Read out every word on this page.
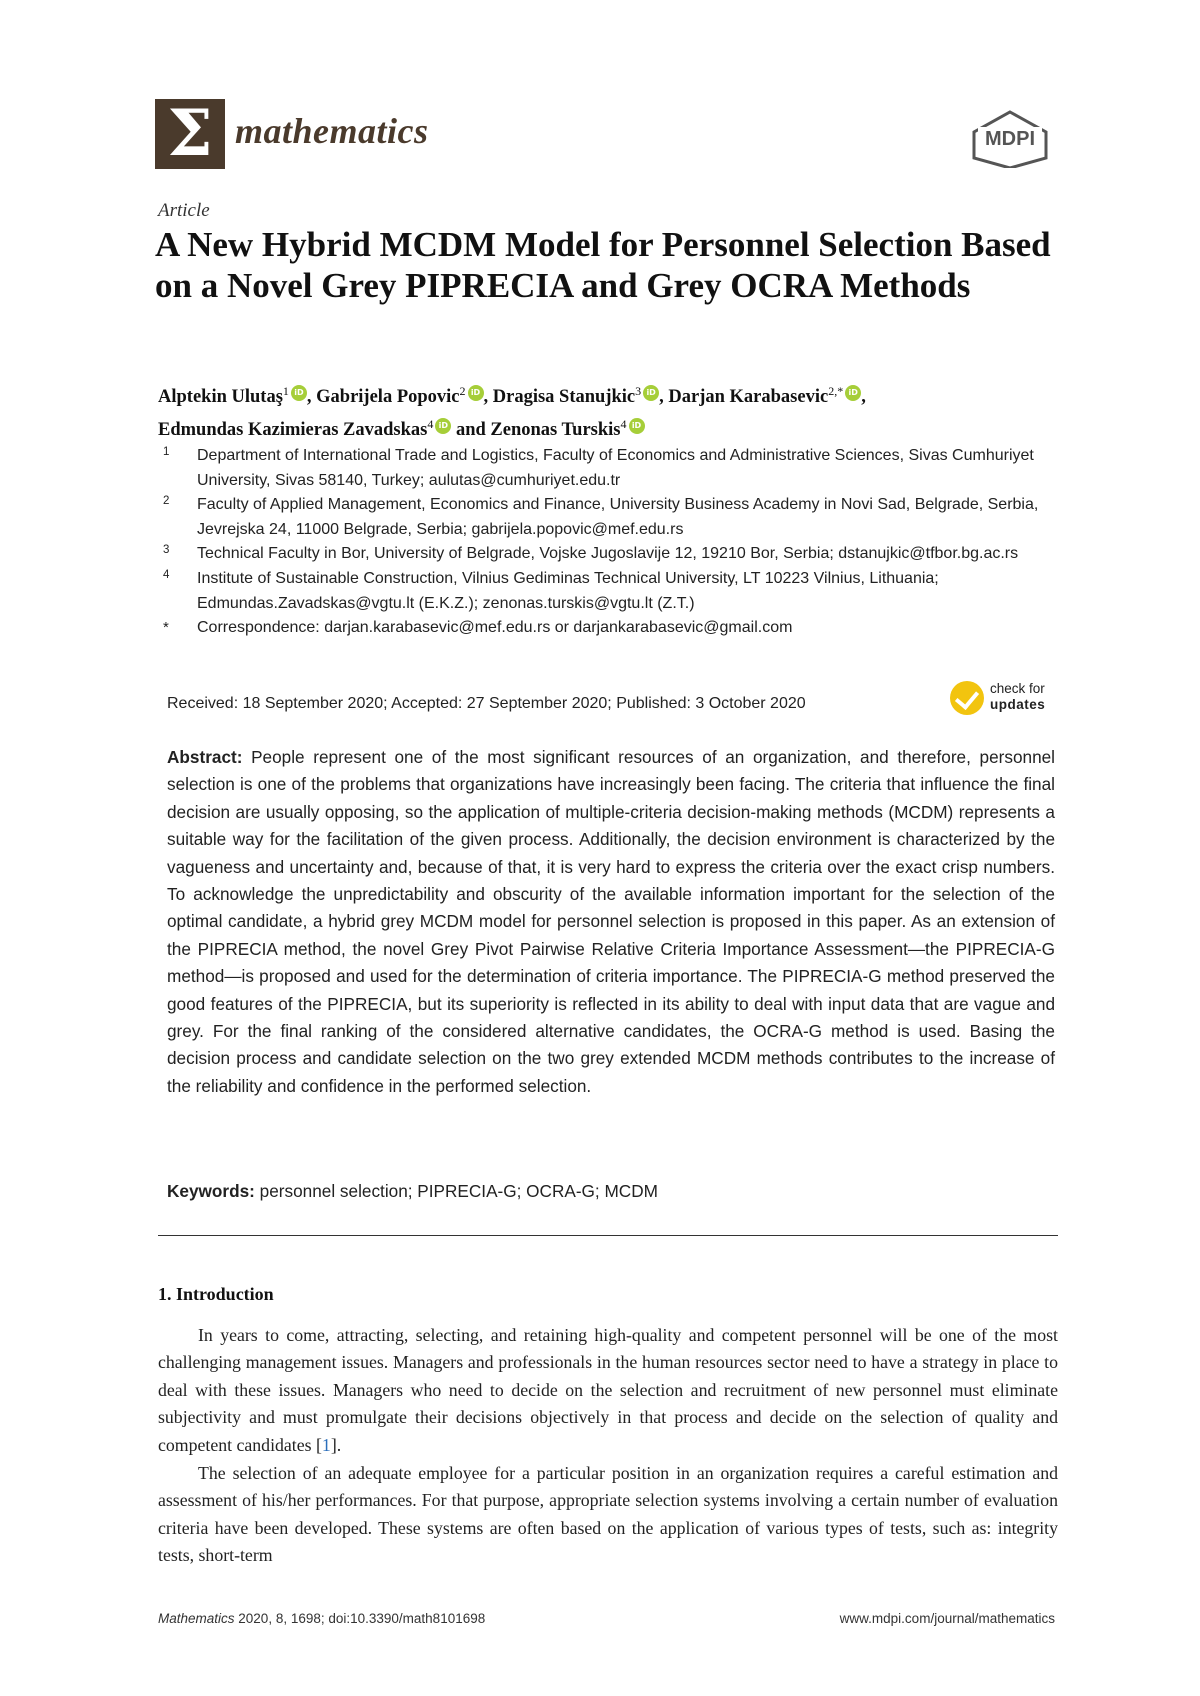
Σ mathematics	MDPI
Article
A New Hybrid MCDM Model for Personnel Selection Based on a Novel Grey PIPRECIA and Grey OCRA Methods
Alptekin Ulutaş$^1$ iD , Gabrijela Popovic$^2$ iD , Dragisa Stanujkic$^3$ iD , Darjan Karabasevic$^{2,*}$ iD , Edmundas Kazimieras Zavadskas$^4$iD and Zenonas Turskis$^4$iD
1 Department of International Trade and Logistics, Faculty of Economics and Administrative Sciences, Sivas Cumhuriyet University, Sivas 58140, Turkey; aulutas@cumhuriyet.edu.tr
2 Faculty of Applied Management, Economics and Finance, University Business Academy in Novi Sad, Belgrade, Serbia, Jevrejska 24, 11000 Belgrade, Serbia; gabrijela.popovic@mef.edu.rs
3 Technical Faculty in Bor, University of Belgrade, Vojske Jugoslavije 12, 19210 Bor, Serbia; dstanujkic@tfbor.bg.ac.rs
4 Institute of Sustainable Construction, Vilnius Gediminas Technical University, LT 10223 Vilnius, Lithuania; Edmundas.Zavadskas@vgtu.lt (E.K.Z.); zenonas.turskis@vgtu.lt (Z.T.)
* Correspondence: darjan.karabasevic@mef.edu.rs or darjankarabasevic@gmail.com
Received: 18 September 2020; Accepted: 27 September 2020; Published: 3 October 2020
check for
updates

Abstract: People represent one of the most significant resources of an organization, and therefore, personnel selection is one of the problems that organizations have increasingly been facing. The criteria that influence the final decision are usually opposing, so the application of multiple-criteria decision-making methods (MCDM) represents a suitable way for the facilitation of the given process. Additionally, the decision environment is characterized by the vagueness and uncertainty and, because of that, it is very hard to express the criteria over the exact crisp numbers. To acknowledge the unpredictability and obscurity of the available information important for the selection of the optimal candidate, a hybrid grey MCDM model for personnel selection is proposed in this paper. As an extension of the PIPRECIA method, the novel Grey Pivot Pairwise Relative Criteria Importance Assessment—the PIPRECIA-G method—is proposed and used for the determination of criteria importance. The PIPRECIA-G method preserved the good features of the PIPRECIA, but its superiority is reflected in its ability to deal with input data that are vague and grey. For the final ranking of the considered alternative candidates, the OCRA-G method is used. Basing the decision process and candidate selection on the two grey extended MCDM methods contributes to the increase of the reliability and confidence in the performed selection.

Keywords: personnel selection; PIPRECIA-G; OCRA-G; MCDM
1. Introduction

In years to come, attracting, selecting, and retaining high-quality and competent personnel will be one of the most challenging management issues. Managers and professionals in the human resources sector need to have a strategy in place to deal with these issues. Managers who need to decide on the selection and recruitment of new personnel must eliminate subjectivity and must promulgate their decisions objectively in that process and decide on the selection of quality and competent candidates [1].

The selection of an adequate employee for a particular position in an organization requires a careful estimation and assessment of his/her performances. For that purpose, appropriate selection systems involving a certain number of evaluation criteria have been developed. These systems are often based on the application of various types of tests, such as: integrity tests, short-term

Mathematics 2020, 8, 1698; doi:10.3390/math8101698	www.mdpi.com/journal/mathematics
